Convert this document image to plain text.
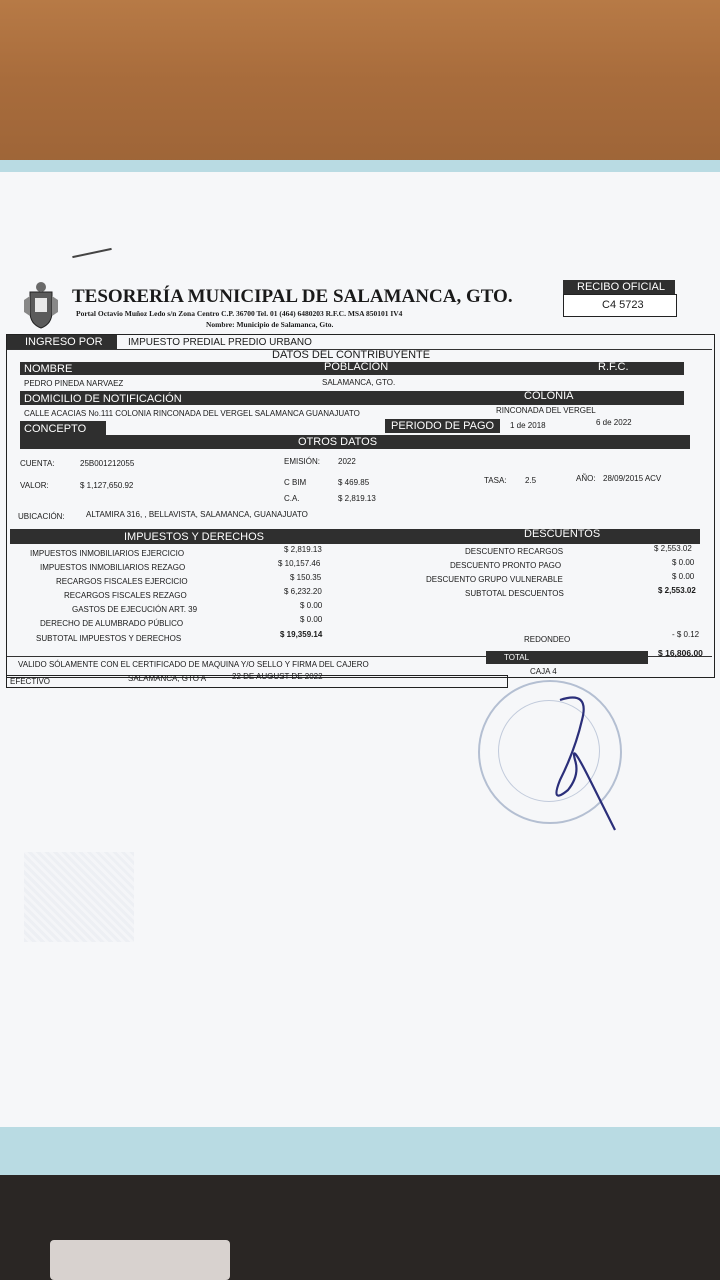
TESORERÍA MUNICIPAL DE SALAMANCA, GTO.
Portal Octavio Muñoz Ledo s/n Zona Centro C.P. 36700 Tel. 01 (464) 6480203 R.F.C. MSA 850101 IV4
Nombre: Municipio de Salamanca, Gto.
RECIBO OFICIAL
C4 5723
INGRESO POR	IMPUESTO PREDIAL PREDIO URBANO
DATOS DEL CONTRIBUYENTE
NOMBRE	POBLACIÓN	R.F.C.
PEDRO PINEDA NARVAEZ	SALAMANCA, GTO.
DOMICILIO DE NOTIFICACIÓN	COLONIA
CALLE ACACIAS No.111 COLONIA RINCONADA DEL VERGEL SALAMANCA GUANAJUATO	RINCONADA DEL VERGEL
CONCEPTO	PERIODO DE PAGO 1 de 2018	6 de 2022
OTROS DATOS
CUENTA:	25B001212055	EMISIÓN: 2022
VALOR:	$ 1,127,650.92	C BIM	$ 469.85	TASA: 2.5	AÑO: 28/09/2015 ACV
C.A.	$ 2,819.13
UBICACIÓN:	ALTAMIRA 316, , BELLAVISTA, SALAMANCA, GUANAJUATO
IMPUESTOS Y DERECHOS	DESCUENTOS
IMPUESTOS INMOBILIARIOS EJERCICIO	$ 2,819.13
IMPUESTOS INMOBILIARIOS REZAGO	$ 10,157.46
RECARGOS FISCALES EJERCICIO	$ 150.35
RECARGOS FISCALES REZAGO	$ 6,232.20
GASTOS DE EJECUCIÓN ART. 39	$ 0.00
DERECHO DE ALUMBRADO PÚBLICO	$ 0.00
SUBTOTAL IMPUESTOS Y DERECHOS	$ 19,359.14
DESCUENTO RECARGOS	$ 2,553.02
DESCUENTO PRONTO PAGO	$ 0.00
DESCUENTO GRUPO VULNERABLE	$ 0.00
SUBTOTAL DESCUENTOS	$ 2,553.02
REDONDEO
- $ 0.12
VALIDO SÓLAMENTE CON EL CERTIFICADO DE MAQUINA Y/O SELLO Y FIRMA DEL CAJERO
TOTAL	$ 16,806.00
CAJA 4
EFECTIVO	SALAMANCA, GTO A	22 DE AUGUST DE 2022
